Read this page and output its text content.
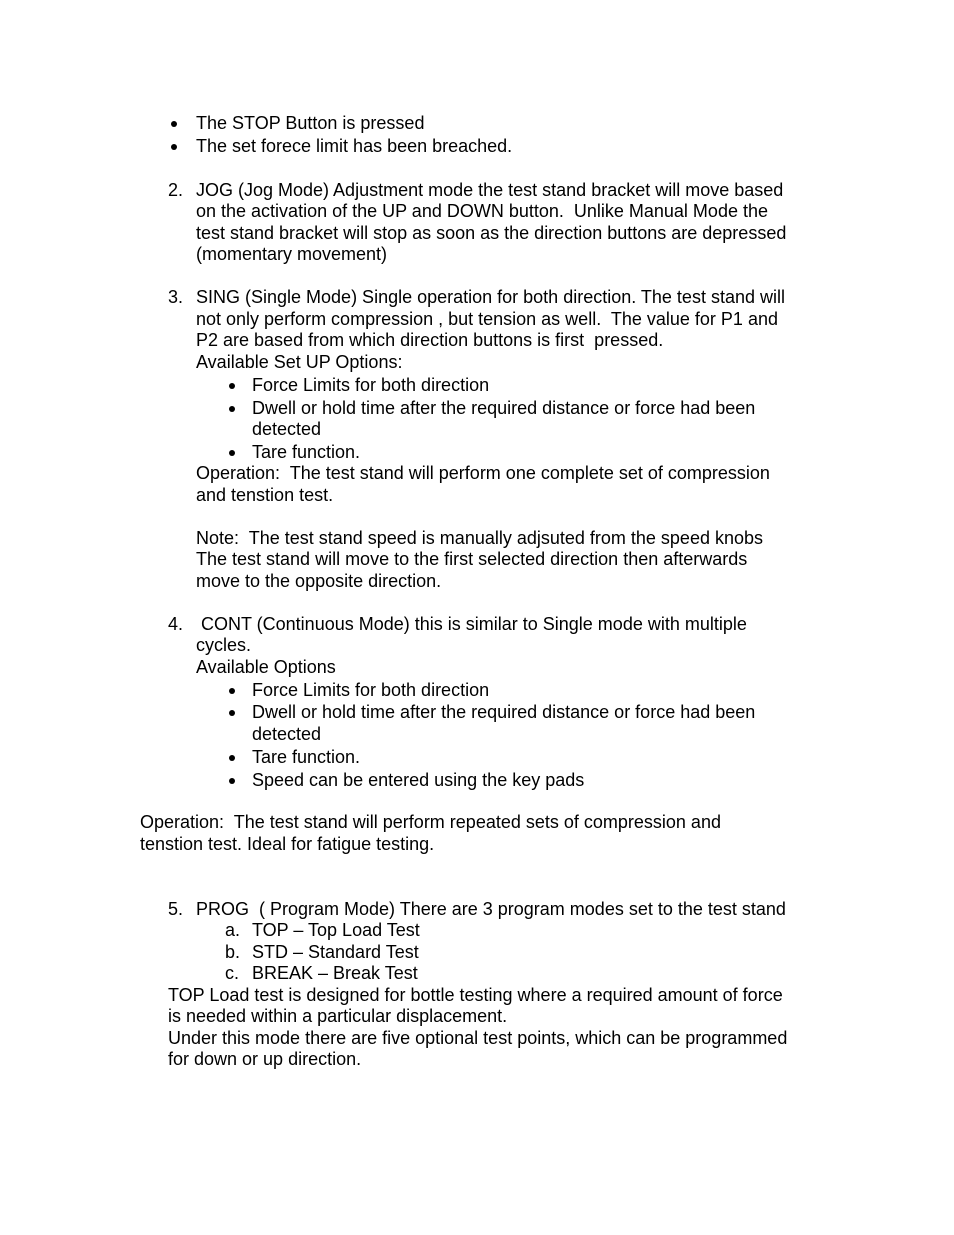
The STOP Button is pressed
The set forece limit has been breached.
2. JOG (Jog Mode) Adjustment mode the test stand bracket will move based
on the activation of the UP and DOWN button.  Unlike Manual Mode the
test stand bracket will stop as soon as the direction buttons are depressed
(momentary movement)
3. SING (Single Mode) Single operation for both direction. The test stand will
not only perform compression , but tension as well.  The value for P1 and
P2 are based from which direction buttons is first  pressed.
Available Set UP Options:
Force Limits for both direction
Dwell or hold time after the required distance or force had been
detected
Tare function.
Operation:  The test stand will perform one complete set of compression
and tenstion test.
Note:  The test stand speed is manually adjsuted from the speed knobs
The test stand will move to the first selected direction then afterwards
move to the opposite direction.
4. CONT (Continuous Mode) this is similar to Single mode with multiple
cycles.
Available Options
Force Limits for both direction
Dwell or hold time after the required distance or force had been
detected
Tare function.
Speed can be entered using the key pads
Operation:  The test stand will perform repeated sets of compression and
tenstion test. Ideal for fatigue testing.
5. PROG  ( Program Mode) There are 3 program modes set to the test stand
a. TOP – Top Load Test
b. STD – Standard Test
c. BREAK – Break Test
TOP Load test is designed for bottle testing where a required amount of force
is needed within a particular displacement.
Under this mode there are five optional test points, which can be programmed
for down or up direction.
